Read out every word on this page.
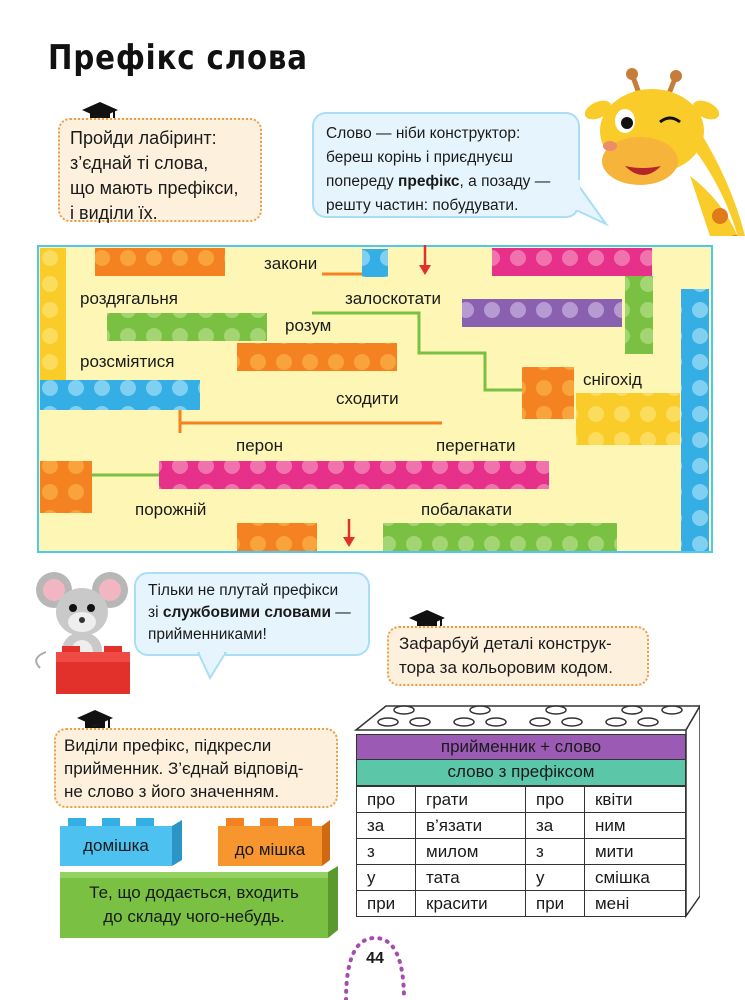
Префікс слова
Пройди лабіринт:
з’єднай ті слова,
що мають префікси,
і виділи їх.
Слово — ніби конструктор:
береш корінь і приєднуєш
попереду префікс, а позаду —
решту частин: побудувати.
закони
роздягальня	залоскотати
розум
розсміятися
снігохід
сходити
перон	перегнати
порожній	побалакати
Тільки не плутай префікси
зі службовими словами —
прийменниками!	Зафарбуй деталі конструк-
тора за кольоровим кодом.
Виділи префікс, підкресли
прийменник. З’єднай відповід-
не слово з його значенням.
домішка	до мішка
Те, що додається, входить
до складу чого-небудь.
прийменник + слово
слово з префіксом
про	грати	про	квіти
за	в’язати	за	ним
з	милом	з	мити
у	тата	у	смішка
при	красити	при	мені
44
